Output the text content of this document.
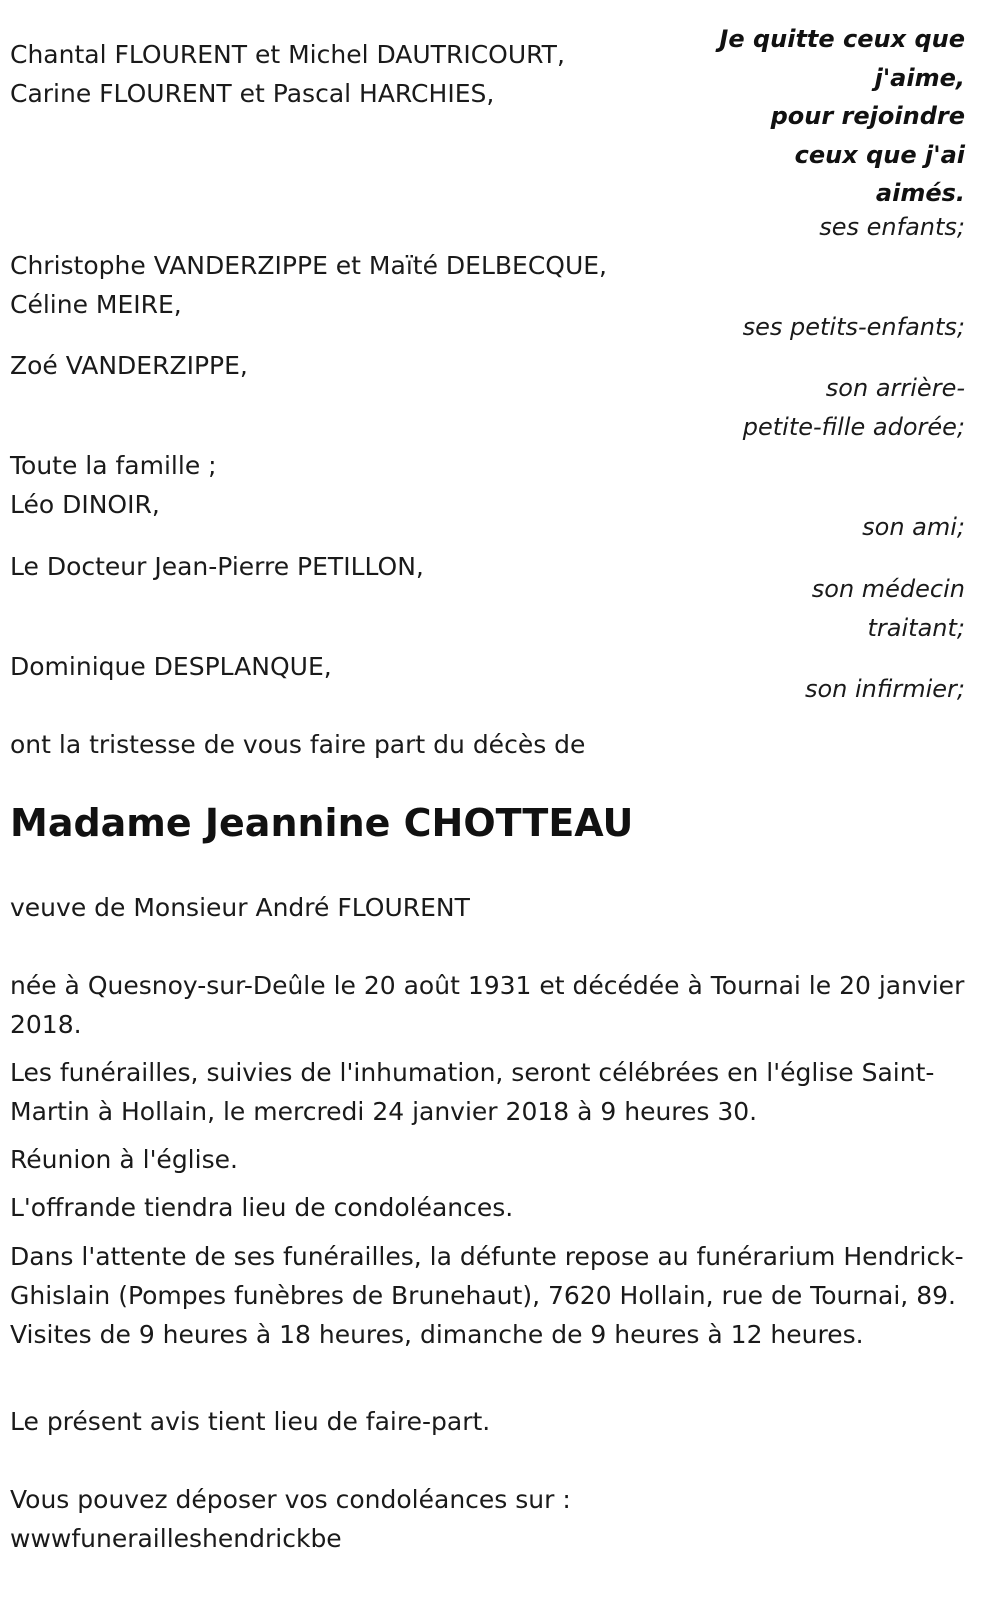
Je quitte ceux que
j'aime,
pour rejoindre
ceux que j'ai
aimés.
Chantal FLOURENT et Michel DAUTRICOURT,
Carine FLOURENT et Pascal HARCHIES,
ses enfants;
Christophe VANDERZIPPE et Maïté DELBECQUE,
Céline MEIRE,
ses petits-enfants;
Zoé VANDERZIPPE,
son arrière-
petite-fille adorée;
Toute la famille ;
Léo DINOIR,
son ami;
Le Docteur Jean-Pierre PETILLON,
son médecin
traitant;
Dominique DESPLANQUE,
son infirmier;
ont la tristesse de vous faire part du décès de
Madame Jeannine CHOTTEAU
veuve de Monsieur André FLOURENT
née à Quesnoy-sur-Deûle le 20 août 1931 et décédée à Tournai le 20 janvier 2018.
Les funérailles, suivies de l'inhumation, seront célébrées en l'église Saint-Martin à Hollain, le mercredi 24 janvier 2018 à 9 heures 30.
Réunion à l'église.
L'offrande tiendra lieu de condoléances.
Dans l'attente de ses funérailles, la défunte repose au funérarium Hendrick-Ghislain (Pompes funèbres de Brunehaut), 7620 Hollain, rue de Tournai, 89. Visites de 9 heures à 18 heures, dimanche de 9 heures à 12 heures.
Le présent avis tient lieu de faire-part.
Vous pouvez déposer vos condoléances sur :
wwwfunerailleshendrickbe
